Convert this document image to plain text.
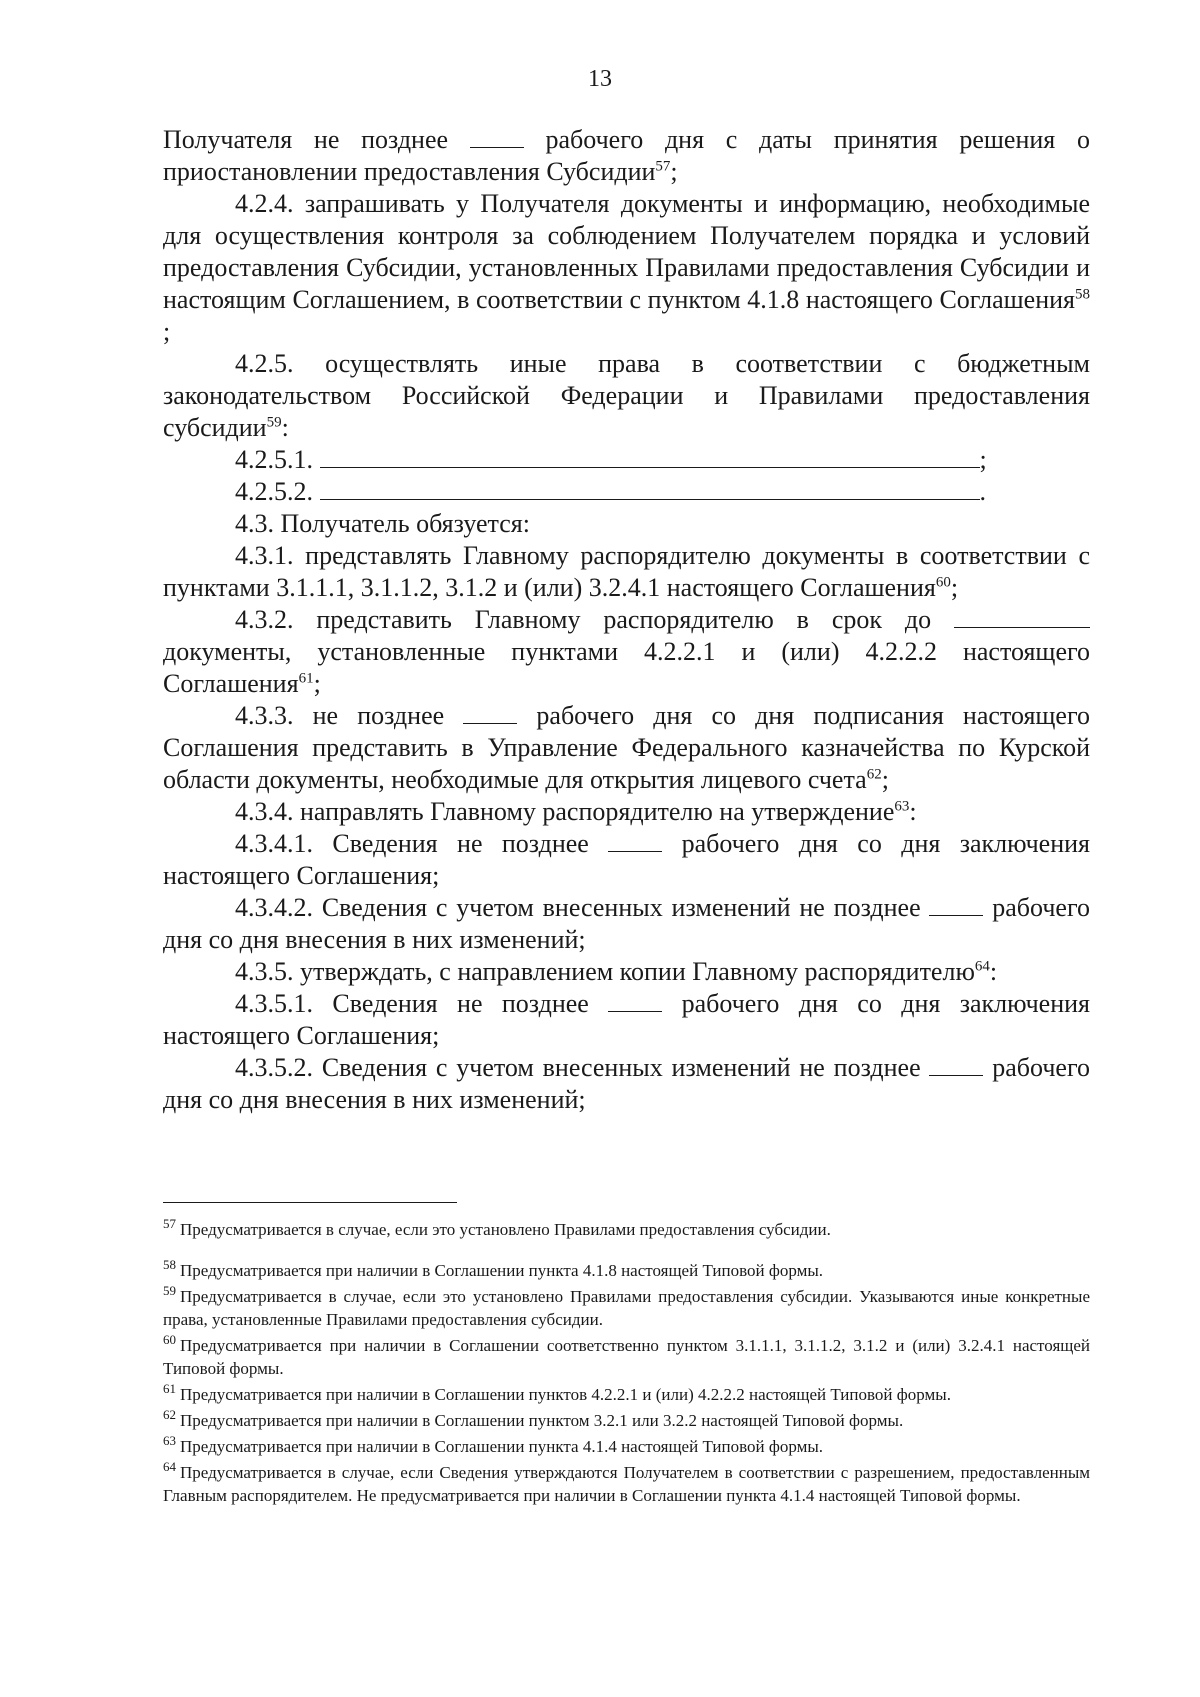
13

Получателя не позднее  рабочего дня с даты принятия решения о приостановлении предоставления Субсидии$^{57}$;

4.2.4. запрашивать у Получателя документы и информацию, необходимые для осуществления контроля за соблюдением Получателем порядка и условий предоставления Субсидии, установленных Правилами предоставления Субсидии и настоящим Соглашением, в соответствии с пунктом 4.1.8 настоящего Соглашения$^{58}$ ;

4.2.5. осуществлять иные права в соответствии с бюджетным законодательством Российской Федерации и Правилами предоставления субсидии$^{59}$:

4.2.5.1.	;

4.2.5.2.	.

4.3. Получатель обязуется:

4.3.1. представлять Главному распорядителю документы в соответствии с пунктами 3.1.1.1, 3.1.1.2, 3.1.2 и (или) 3.2.4.1 настоящего Соглашения$^{60}$;

4.3.2. представить Главному распорядителю в срок до  документы, установленные пунктами 4.2.2.1 и (или) 4.2.2.2 настоящего Соглашения$^{61}$;

4.3.3. не позднее  рабочего дня со дня подписания настоящего Соглашения представить в Управление Федерального казначейства по Курской области документы, необходимые для открытия лицевого счета$^{62}$;

4.3.4. направлять Главному распорядителю на утверждение$^{63}$:

4.3.4.1. Сведения не позднее  рабочего дня со дня заключения настоящего Соглашения;

4.3.4.2. Сведения с учетом внесенных изменений не позднее  рабочего дня со дня внесения в них изменений;

4.3.5. утверждать, с направлением копии Главному распорядителю$^{64}$:

4.3.5.1. Сведения не позднее  рабочего дня со дня заключения настоящего Соглашения;

4.3.5.2. Сведения с учетом внесенных изменений не позднее  рабочего дня со дня внесения в них изменений;

$^{57}$ Предусматривается в случае, если это установлено Правилами предоставления субсидии.

$^{58}$ Предусматривается при наличии в Соглашении пункта 4.1.8 настоящей Типовой формы.

$^{59}$ Предусматривается в случае, если это установлено Правилами предоставления субсидии. Указываются иные конкретные права, установленные Правилами предоставления субсидии.

$^{60}$ Предусматривается при наличии в Соглашении соответственно пунктом 3.1.1.1, 3.1.1.2, 3.1.2 и (или) 3.2.4.1 настоящей Типовой формы.

$^{61}$ Предусматривается при наличии в Соглашении пунктов 4.2.2.1 и (или) 4.2.2.2 настоящей Типовой формы.

$^{62}$ Предусматривается при наличии в Соглашении пунктом 3.2.1 или 3.2.2 настоящей Типовой формы.

$^{63}$ Предусматривается при наличии в Соглашении пункта 4.1.4 настоящей Типовой формы.

$^{64}$ Предусматривается в случае, если Сведения утверждаются Получателем в соответствии с разрешением, предоставленным Главным распорядителем. Не предусматривается при наличии в Соглашении пункта 4.1.4 настоящей Типовой формы.
